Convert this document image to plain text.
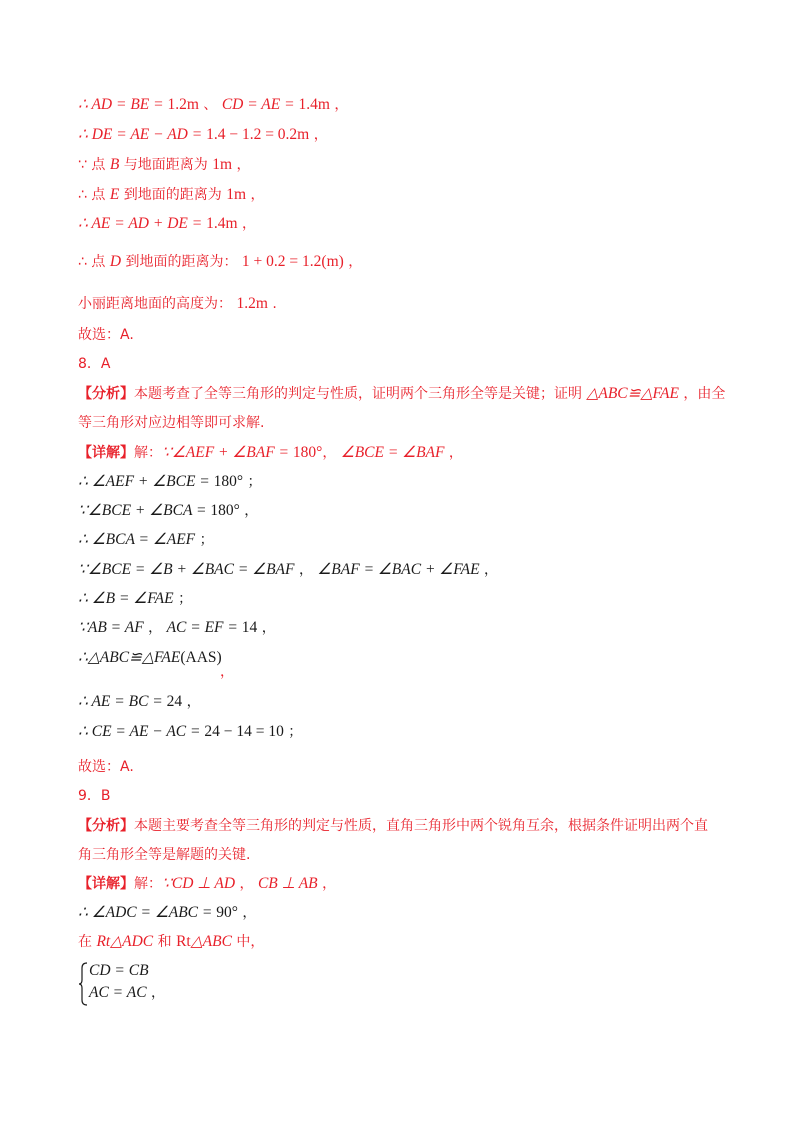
∴ AD = BE = 1.2m 、 CD = AE = 1.4m ，
∴ DE = AE − AD = 1.4 − 1.2 = 0.2m ，
∵ 点 B 与地面距离为 1m ，
∴ 点 E 到地面的距离为 1m ，
∴ AE = AD + DE = 1.4m ，
∴ 点 D 到地面的距离为： 1 + 0.2 = 1.2(m) ，
小丽距离地面的高度为： 1.2m .
故选：A.
8．A
【分析】本题考查了全等三角形的判定与性质，证明两个三角形全等是关键；证明 △ABC≌△FAE ，由全
等三角形对应边相等即可求解.
【详解】解：∵∠AEF + ∠BAF = 180°， ∠BCE = ∠BAF ，
∴ ∠AEF + ∠BCE = 180° ；
∵∠BCE + ∠BCA = 180° ，
∴ ∠BCA = ∠AEF ；
∵∠BCE = ∠B + ∠BAC = ∠BAF ， ∠BAF = ∠BAC + ∠FAE ，
∴ ∠B = ∠FAE ；
∵AB = AF ， AC = EF = 14 ，
∴△ABC≌△FAE(AAS)
，
∴ AE = BC = 24 ，
∴ CE = AE − AC = 24 − 14 = 10 ；
故选：A.
9．B
【分析】本题主要考查全等三角形的判定与性质，直角三角形中两个锐角互余，根据条件证明出两个直
角三角形全等是解题的关键.
【详解】解：∵CD ⊥ AD ， CB ⊥ AB ，
∴ ∠ADC = ∠ABC = 90° ，
在 Rt△ADC 和 Rt△ABC 中，
CD = CB
AC = AC ，
